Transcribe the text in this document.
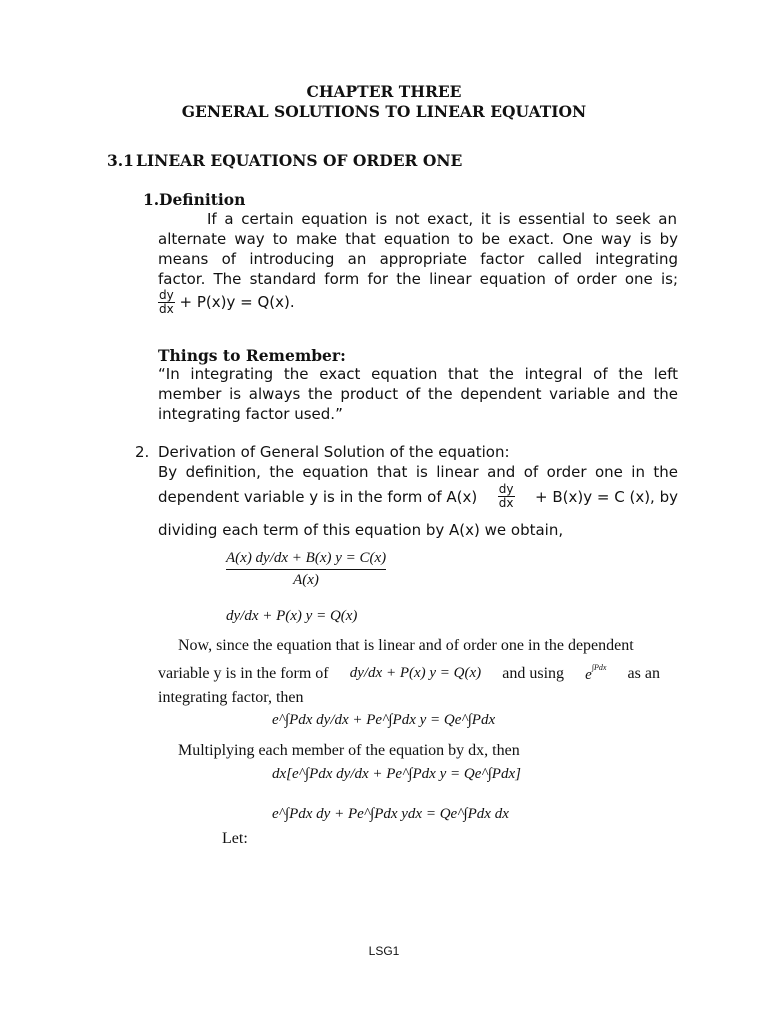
CHAPTER THREE
GENERAL SOLUTIONS TO LINEAR EQUATION
3.1 LINEAR EQUATIONS OF ORDER ONE
1. Definition
If a certain equation is not exact, it is essential to seek an
alternate way to make that equation to be exact. One way is by
means of introducing an appropriate factor called integrating
factor. The standard form for the linear equation of order one is;
$\frac{dy}{dx} + P(x)y = Q(x)$.
Things to Remember:
“In integrating the exact equation that the integral of the left
member is always the product of the dependent variable and the
integrating factor used.”
2. Derivation of General Solution of the equation:
By definition, the equation that is linear and of order one in the
dependent variable y is in the form of $A(x) \frac{dy}{dx} + B(x)y = C$ (x), by
dividing each term of this equation by A(x) we obtain,
$\frac{A(x) dy/dx + B(x) y = C(x)}{A(x)}$
dy/dx + P(x) y = Q(x)
Now, since the equation that is linear and of order one in the dependent
variable y is in the form of dy/dx + P(x) y = Q(x) and using $e^{\int Pdx}$ as an
integrating factor, then
e^∫Pdx dy/dx + Pe^∫Pdx y = Qe^∫Pdx
Multiplying each member of the equation by dx, then
dx[e^∫Pdx dy/dx + Pe^∫Pdx y = Qe^∫Pdx]
e^∫Pdx dy + Pe^∫Pdx ydx = Qe^∫Pdx dx
Let:
LSG1
